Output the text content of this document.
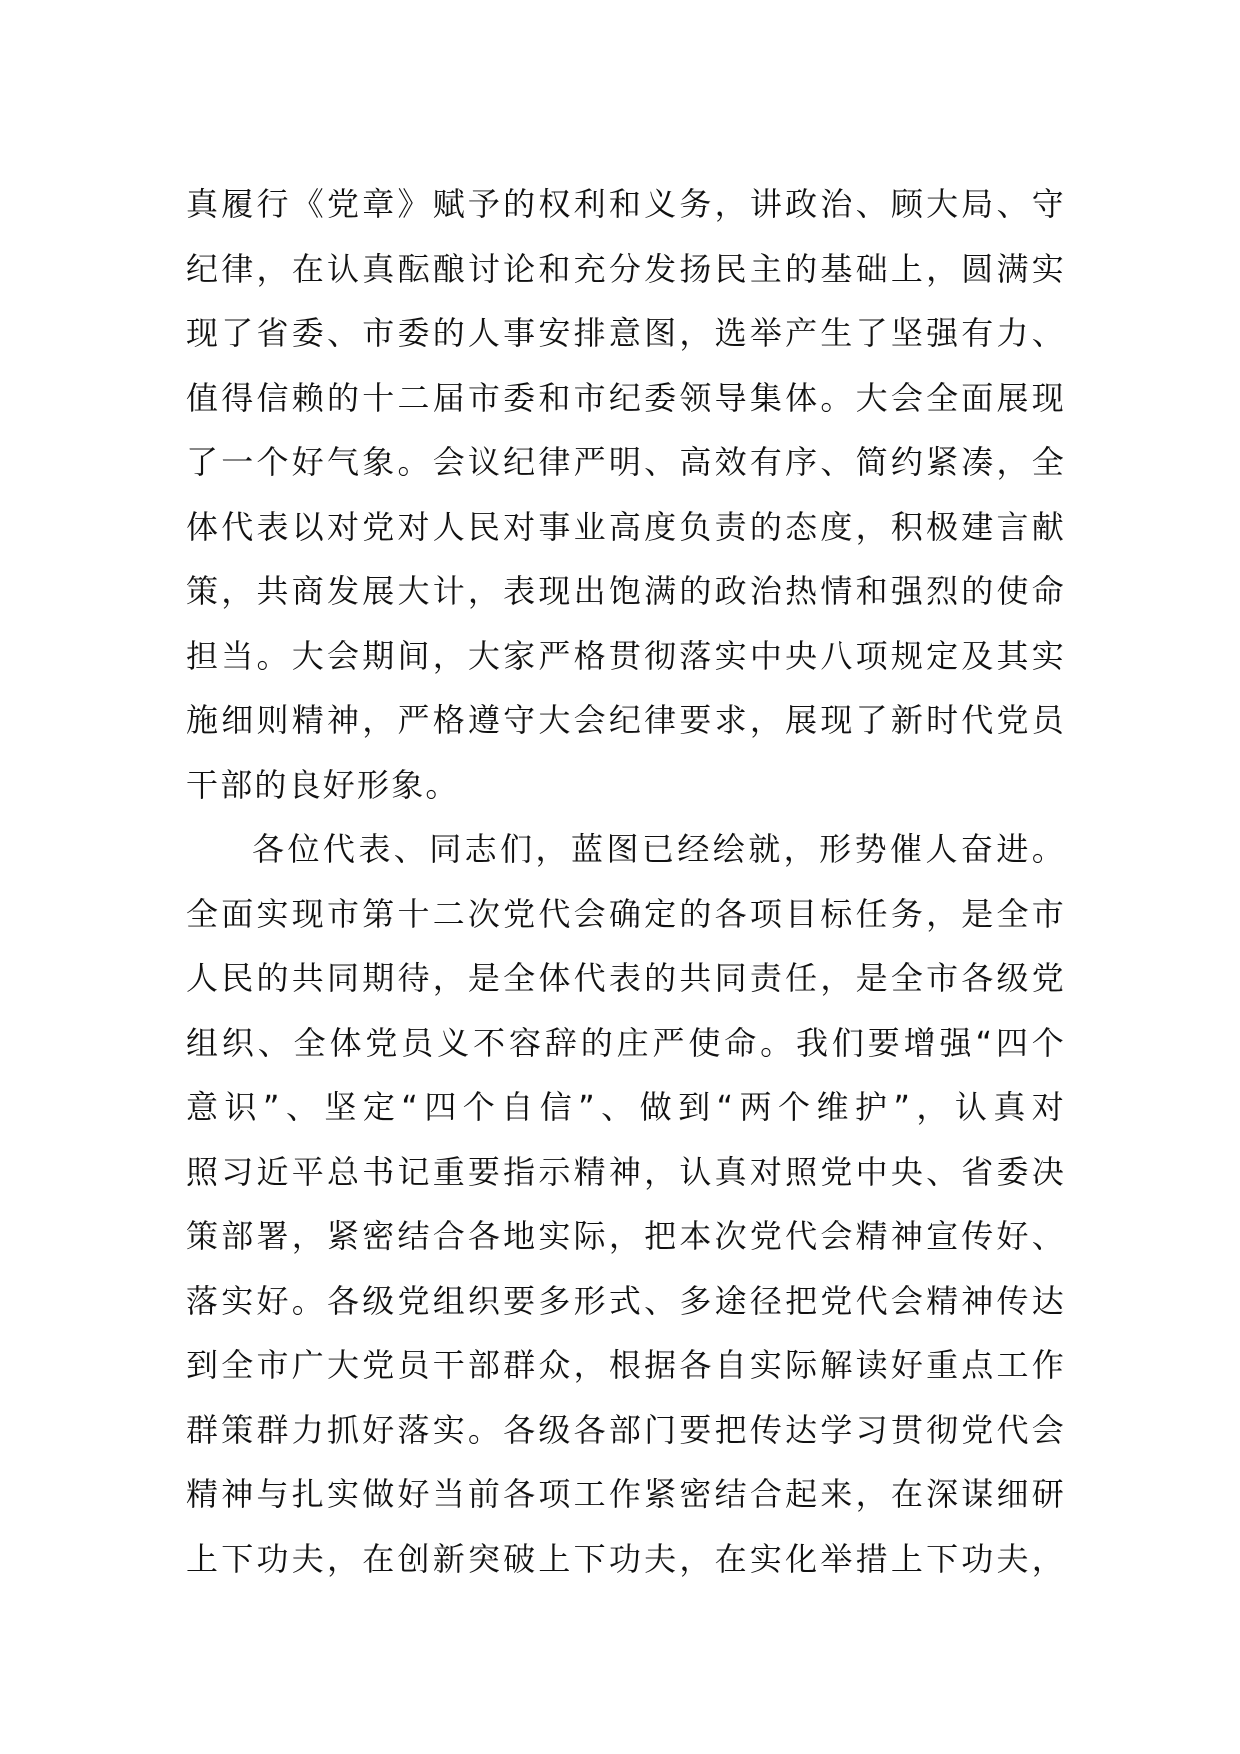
真履行《党章》赋予的权利和义务，讲政治、顾大局、守
纪律，在认真酝酿讨论和充分发扬民主的基础上，圆满实
现了省委、市委的人事安排意图，选举产生了坚强有力、
值得信赖的十二届市委和市纪委领导集体。大会全面展现
了一个好气象。会议纪律严明、高效有序、简约紧凑，全
体代表以对党对人民对事业高度负责的态度，积极建言献
策，共商发展大计，表现出饱满的政治热情和强烈的使命
担当。大会期间，大家严格贯彻落实中央八项规定及其实
施细则精神，严格遵守大会纪律要求，展现了新时代党员
干部的良好形象。
各位代表、同志们，蓝图已经绘就，形势催人奋进。
全面实现市第十二次党代会确定的各项目标任务，是全市
人民的共同期待，是全体代表的共同责任，是全市各级党
组织、全体党员义不容辞的庄严使命。我们要增强“四个
意识”、坚定“四个自信”、做到“两个维护”，认真对
照习近平总书记重要指示精神，认真对照党中央、省委决
策部署，紧密结合各地实际，把本次党代会精神宣传好、
落实好。各级党组织要多形式、多途径把党代会精神传达
到全市广大党员干部群众，根据各自实际解读好重点工作
群策群力抓好落实。各级各部门要把传达学习贯彻党代会
精神与扎实做好当前各项工作紧密结合起来，在深谋细研
上下功夫，在创新突破上下功夫，在实化举措上下功夫，
